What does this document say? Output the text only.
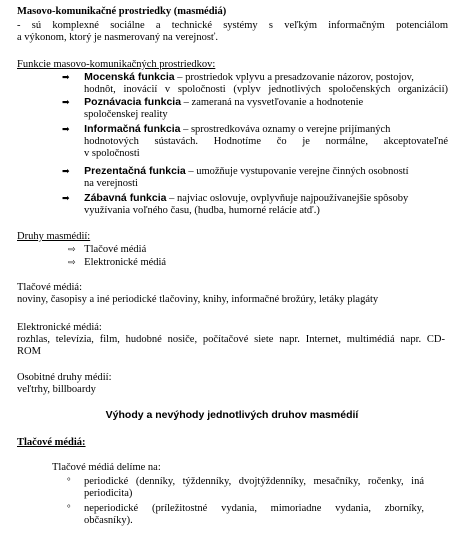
Masovo-komunikačné prostriedky (masmédiá)
- sú komplexné sociálne a technické systémy s veľkým informačným potenciálom
a výkonom, ktorý je nasmerovaný na verejnosť.
Funkcie masovo-komunikačných prostriedkov:
➡ Mocenská funkcia – prostriedok vplyvu a presadzovanie názorov, postojov,
hodnôt, inovácií v spoločnosti (vplyv jednotlivých spoločenských organizácií)
➡ Poznávacia funkcia – zameraná na vysvetľovanie a hodnotenie
spoločenskej reality
➡ Informačná funkcia – sprostredkováva oznamy o verejne prijímaných
hodnotových sústavách. Hodnotíme čo je normálne, akceptovateľné
v spoločnosti
➡ Prezentačná funkcia – umožňuje vystupovanie verejne činných osobností
na verejnosti
➡ Zábavná funkcia – najviac oslovuje, ovplyvňuje najpoužívanejšie spôsoby
využívania voľného času, (hudba, humorné relácie atď.)
Druhy masmédií:
⇨ Tlačové médiá
⇨ Elektronické médiá
Tlačové médiá:
noviny, časopisy a iné periodické tlačoviny, knihy, informačné brožúry, letáky plagáty
Elektronické médiá:
rozhlas, televízia, film, hudobné nosiče, počítačové siete napr. Internet, multimédiá napr. CD-
ROM
Osobitné druhy médií:
veľtrhy, billboardy
Výhody a nevýhody jednotlivých druhov masmédií
Tlačové médiá:
Tlačové médiá delíme na:
° periodické (denníky, týždenníky, dvojtýždenníky, mesačníky, ročenky, iná
periodicita)
° neperiodické (príležitostné vydania, mimoriadne vydania, zborníky,
občasníky).
